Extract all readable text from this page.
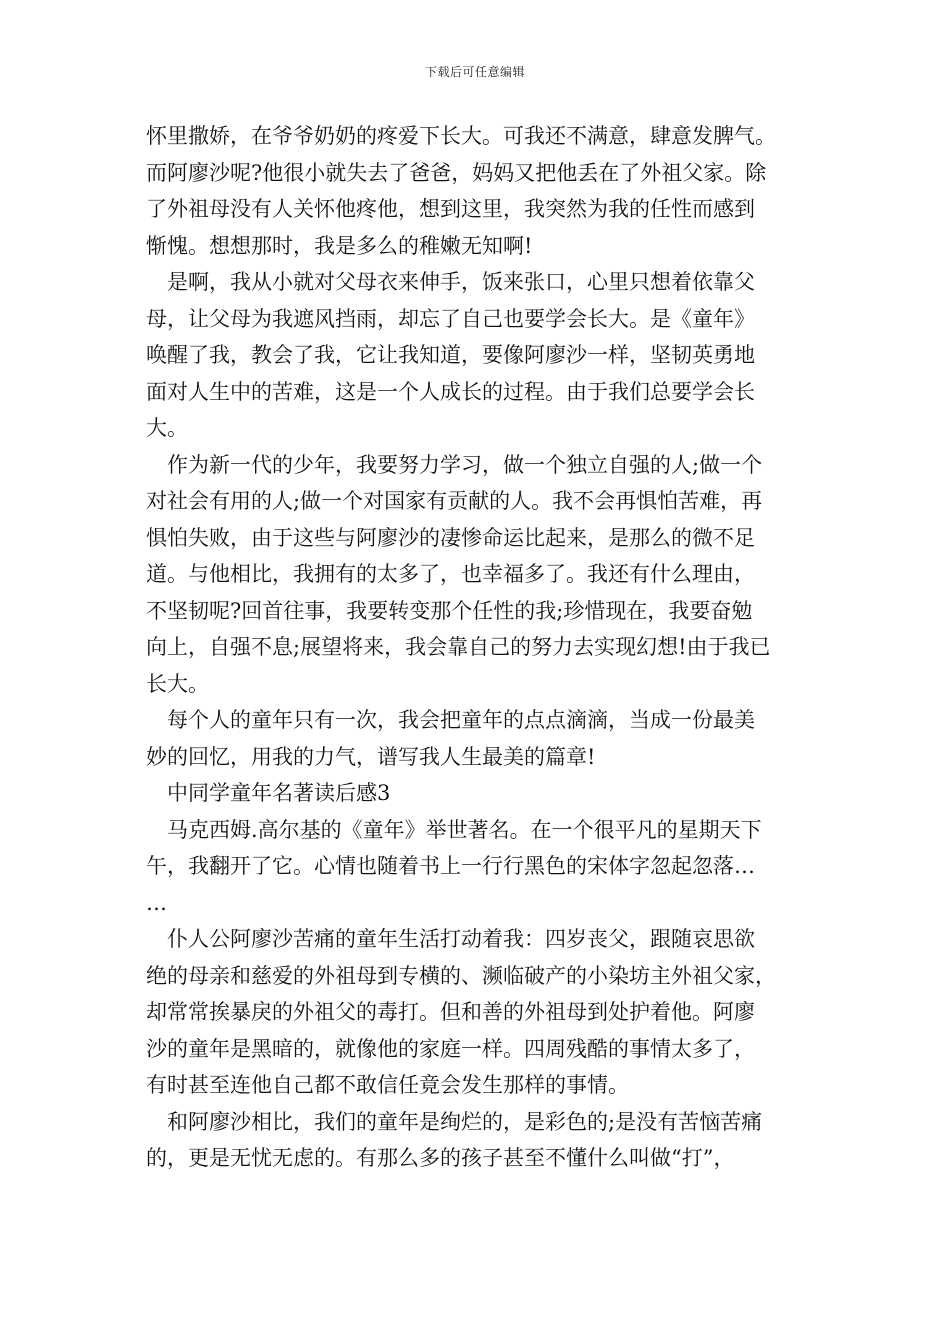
下载后可任意编辑
怀里撒娇，在爷爷奶奶的疼爱下长大。可我还不满意，肆意发脾气。
而阿廖沙呢?他很小就失去了爸爸，妈妈又把他丢在了外祖父家。除
了外祖母没有人关怀他疼他，想到这里，我突然为我的任性而感到
惭愧。想想那时，我是多么的稚嫩无知啊!
是啊，我从小就对父母衣来伸手，饭来张口，心里只想着依靠父
母，让父母为我遮风挡雨，却忘了自己也要学会长大。是《童年》
唤醒了我，教会了我，它让我知道，要像阿廖沙一样，坚韧英勇地
面对人生中的苦难，这是一个人成长的过程。由于我们总要学会长
大。
作为新一代的少年，我要努力学习，做一个独立自强的人;做一个
对社会有用的人;做一个对国家有贡献的人。我不会再惧怕苦难，再
惧怕失败，由于这些与阿廖沙的凄惨命运比起来，是那么的微不足
道。与他相比，我拥有的太多了，也幸福多了。我还有什么理由，
不坚韧呢?回首往事，我要转变那个任性的我;珍惜现在，我要奋勉
向上，自强不息;展望将来，我会靠自己的努力去实现幻想!由于我已
长大。
每个人的童年只有一次，我会把童年的点点滴滴，当成一份最美
妙的回忆，用我的力气，谱写我人生最美的篇章!
中同学童年名著读后感3
马克西姆.高尔基的《童年》举世著名。在一个很平凡的星期天下
午，我翻开了它。心情也随着书上一行行黑色的宋体字忽起忽落…
…
仆人公阿廖沙苦痛的童年生活打动着我：四岁丧父，跟随哀思欲
绝的母亲和慈爱的外祖母到专横的、濒临破产的小染坊主外祖父家，
却常常挨暴戾的外祖父的毒打。但和善的外祖母到处护着他。阿廖
沙的童年是黑暗的，就像他的家庭一样。四周残酷的事情太多了，
有时甚至连他自己都不敢信任竟会发生那样的事情。
和阿廖沙相比，我们的童年是绚烂的，是彩色的;是没有苦恼苦痛
的，更是无忧无虑的。有那么多的孩子甚至不懂什么叫做“打”，
